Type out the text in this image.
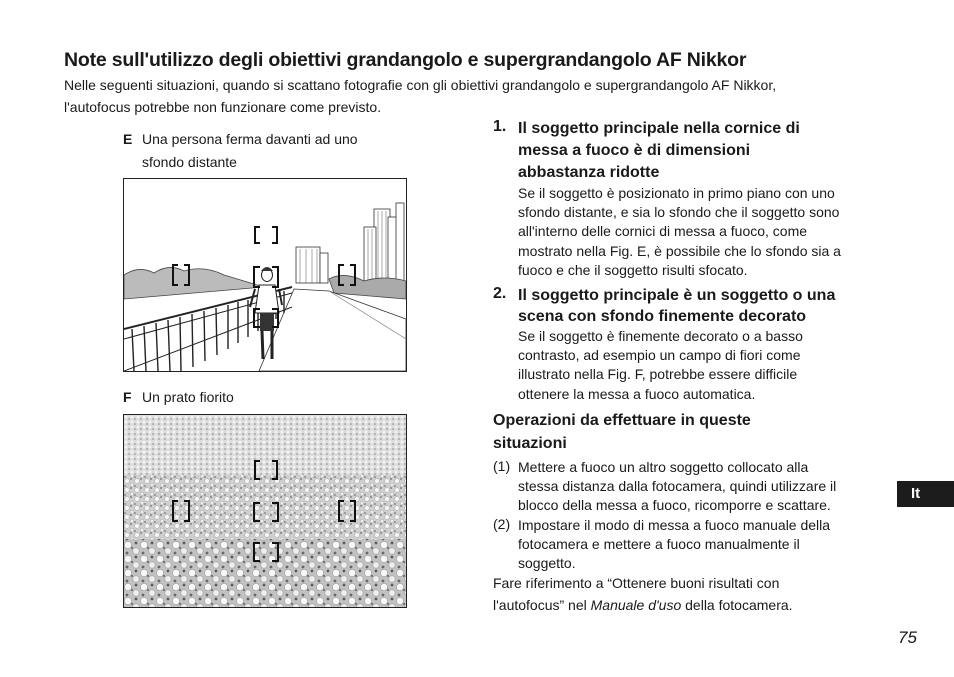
Note sull'utilizzo degli obiettivi grandangolo e supergrandangolo AF Nikkor
Nelle seguenti situazioni, quando si scattano fotografie con gli obiettivi grandangolo e supergrandangolo AF Nikkor,
l'autofocus potrebbe non funzionare come previsto.
E Una persona ferma davanti ad uno
sfondo distante
F Un prato fiorito
1. Il soggetto principale nella cornice di
messa a fuoco è di dimensioni
abbastanza ridotte
Se il soggetto è posizionato in primo piano con uno
sfondo distante, e sia lo sfondo che il soggetto sono
all'interno delle cornici di messa a fuoco, come
mostrato nella Fig. E, è possibile che lo sfondo sia a
fuoco e che il soggetto risulti sfocato.
2. Il soggetto principale è un soggetto o una
scena con sfondo finemente decorato
Se il soggetto è finemente decorato o a basso
contrasto, ad esempio un campo di fiori come
illustrato nella Fig. F, potrebbe essere difficile
ottenere la messa a fuoco automatica.
Operazioni da effettuare in queste
situazioni
(1) Mettere a fuoco un altro soggetto collocato alla
stessa distanza dalla fotocamera, quindi utilizzare il
blocco della messa a fuoco, ricomporre e scattare.
(2) Impostare il modo di messa a fuoco manuale della
fotocamera e mettere a fuoco manualmente il
soggetto.
Fare riferimento a “Ottenere buoni risultati con
l'autofocus” nel Manuale d'uso della fotocamera.
It
75
